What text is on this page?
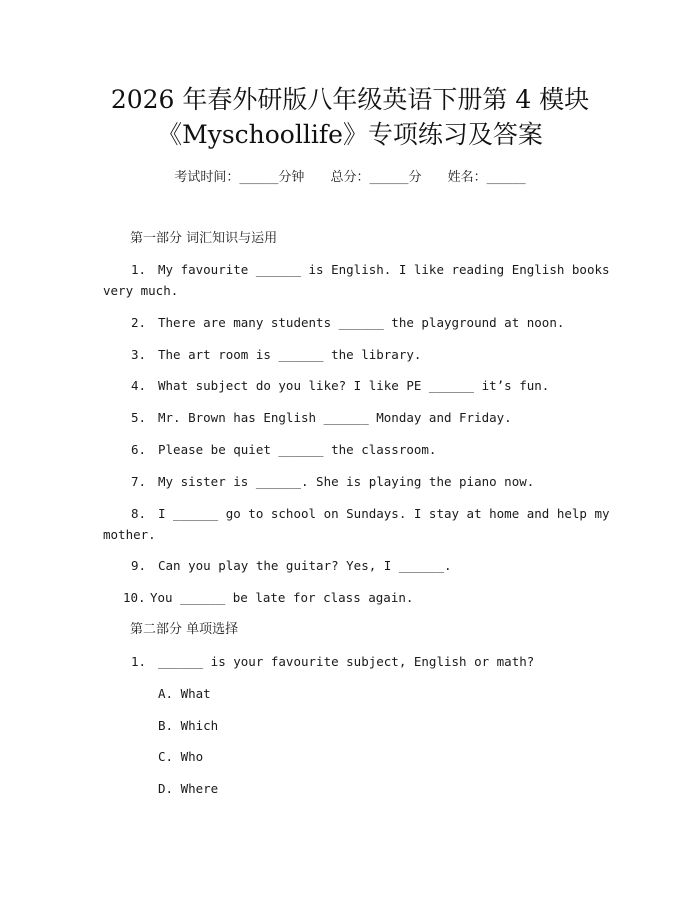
2026 年春外研版八年级英语下册第 4 模块
《Myschoollife》专项练习及答案
考试时间：______分钟 总分：______分 姓名：______
第一部分 词汇知识与运用
1. My favourite ______ is English. I like reading English books
very much.
2. There are many students ______ the playground at noon.
3. The art room is ______ the library.
4. What subject do you like? I like PE ______ it’s fun.
5. Mr. Brown has English ______ Monday and Friday.
6. Please be quiet ______ the classroom.
7. My sister is ______. She is playing the piano now.
8. I ______ go to school on Sundays. I stay at home and help my
mother.
9. Can you play the guitar? Yes, I ______.
10. You ______ be late for class again.
第二部分 单项选择
1. ______ is your favourite subject, English or math?
A. What
B. Which
C. Who
D. Where
